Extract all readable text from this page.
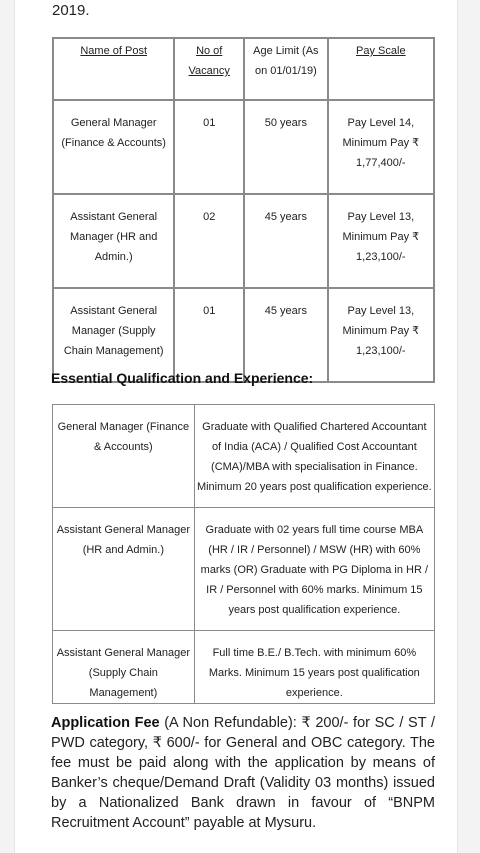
2019.
Name of Post	No of Vacancy	Age Limit (As on 01/01/19)	Pay Scale
General Manager (Finance & Accounts)	01	50 years	Pay Level 14, Minimum Pay ₹ 1,77,400/-
Assistant General Manager (HR and Admin.)	02	45 years	Pay Level 13, Minimum Pay ₹ 1,23,100/-
Assistant General Manager (Supply Chain Management)	01	45 years	Pay Level 13, Minimum Pay ₹ 1,23,100/-
Essential Qualification and Experience:
General Manager (Finance & Accounts)	Graduate with Qualified Chartered Accountant of India (ACA) / Qualified Cost Accountant (CMA)/MBA with specialisation in Finance. Minimum 20 years post qualification experience.
Assistant General Manager (HR and Admin.)	Graduate with 02 years full time course MBA (HR / IR / Personnel) / MSW (HR) with 60% marks (OR) Graduate with PG Diploma in HR / IR / Personnel with 60% marks. Minimum 15 years post qualification experience.
Assistant General Manager (Supply Chain Management)	Full time B.E./ B.Tech. with minimum 60% Marks. Minimum 15 years post qualification experience.
Application Fee (A Non Refundable): ₹ 200/- for SC / ST / PWD category, ₹ 600/- for General and OBC category. The fee must be paid along with the application by means of Banker’s cheque/Demand Draft (Validity 03 months) issued by a Nationalized Bank drawn in favour of “BNPM Recruitment Account” payable at Mysuru.
